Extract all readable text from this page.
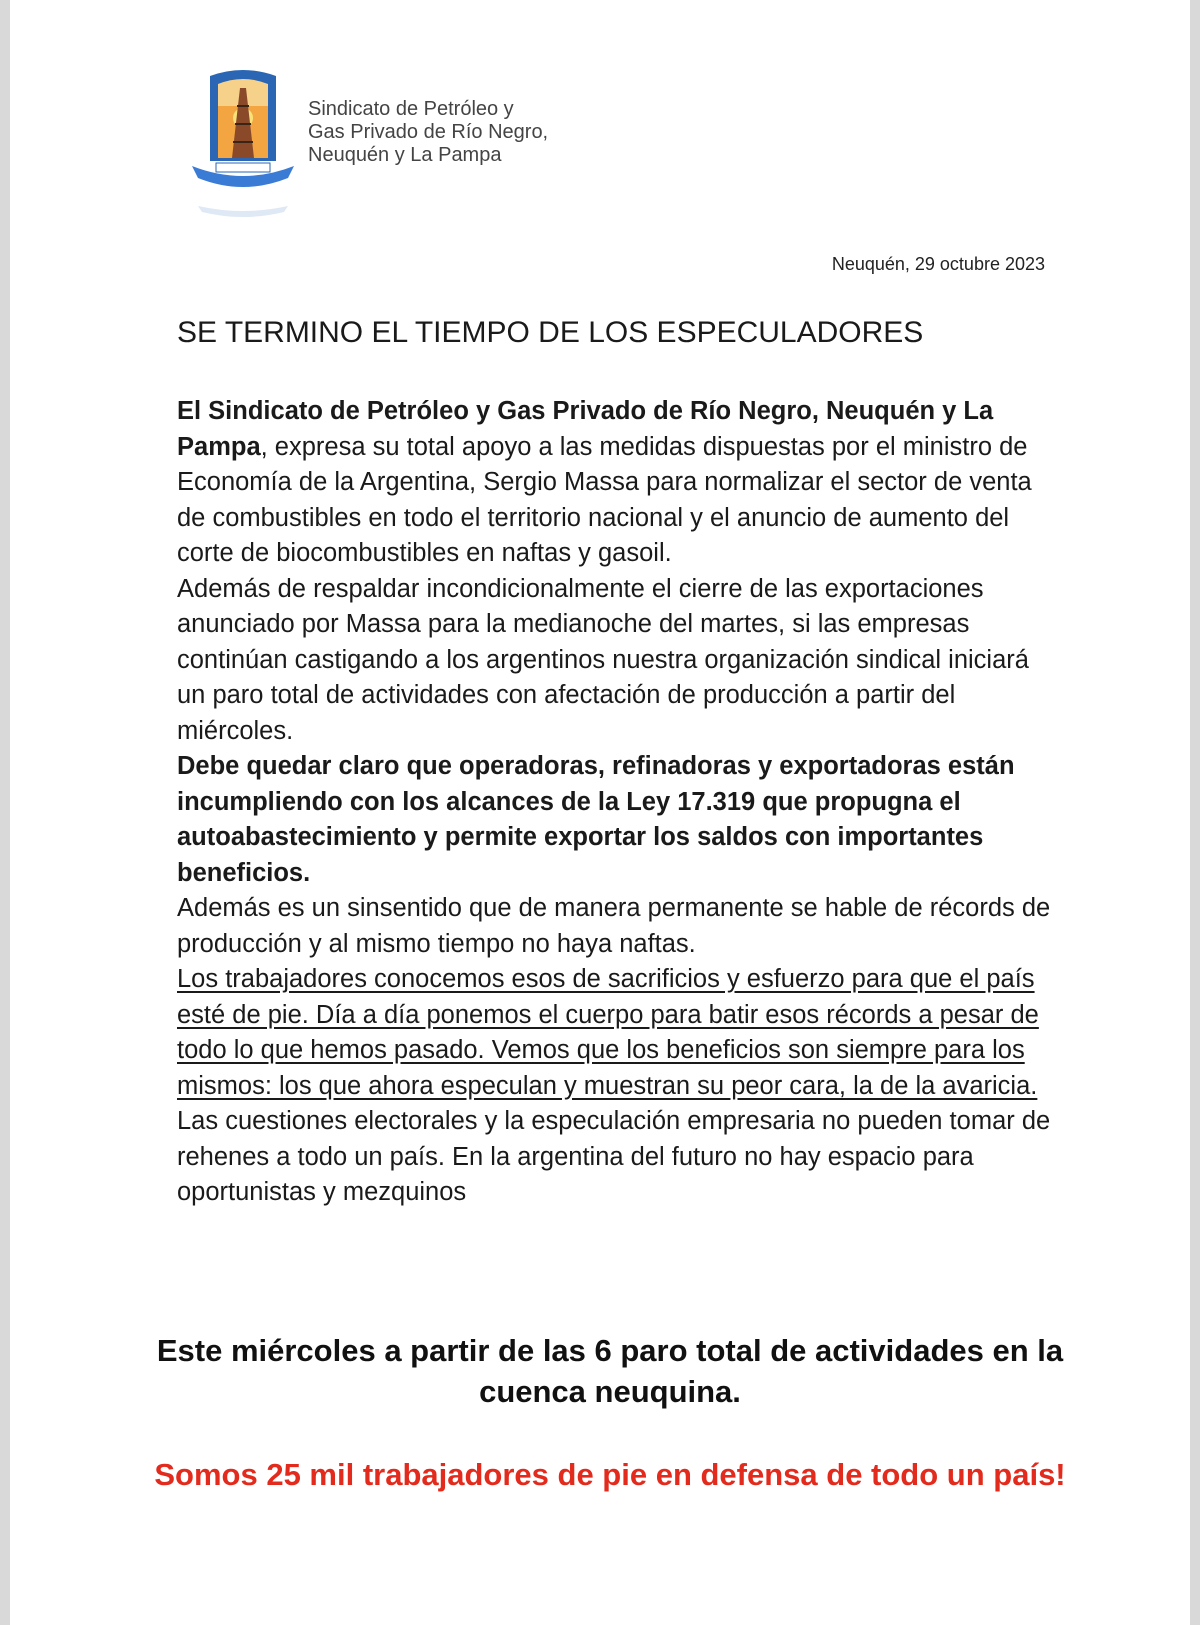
Sindicato de Petróleo y
Gas Privado de Río Negro,
Neuquén y La Pampa
Neuquén, 29 octubre 2023
SE TERMINO EL TIEMPO DE LOS ESPECULADORES

El Sindicato de Petróleo y Gas Privado de Río Negro, Neuquén y La Pampa, expresa su total apoyo a las medidas dispuestas por el ministro de Economía de la Argentina, Sergio Massa para normalizar el sector de venta de combustibles en todo el territorio nacional y el anuncio de aumento del corte de biocombustibles en naftas y gasoil.

Además de respaldar incondicionalmente el cierre de las exportaciones anunciado por Massa para la medianoche del martes, si las empresas continúan castigando a los argentinos nuestra organización sindical iniciará un paro total de actividades con afectación de producción a partir del miércoles.

Debe quedar claro que operadoras, refinadoras y exportadoras están incumpliendo con los alcances de la Ley 17.319 que propugna el autoabastecimiento y permite exportar los saldos con importantes beneficios.

Además es un sinsentido que de manera permanente se hable de récords de producción y al mismo tiempo no haya naftas.

Los trabajadores conocemos esos de sacrificios y esfuerzo para que el país esté de pie. Día a día ponemos el cuerpo para batir esos récords a pesar de todo lo que hemos pasado. Vemos que los beneficios son siempre para los mismos: los que ahora especulan y muestran su peor cara, la de la avaricia.

Las cuestiones electorales y la especulación empresaria no pueden tomar de rehenes a todo un país. En la argentina del futuro no hay espacio para oportunistas y mezquinos

Este miércoles a partir de las 6 paro total de actividades en la cuenca neuquina.
Somos 25 mil trabajadores de pie en defensa de todo un país!
